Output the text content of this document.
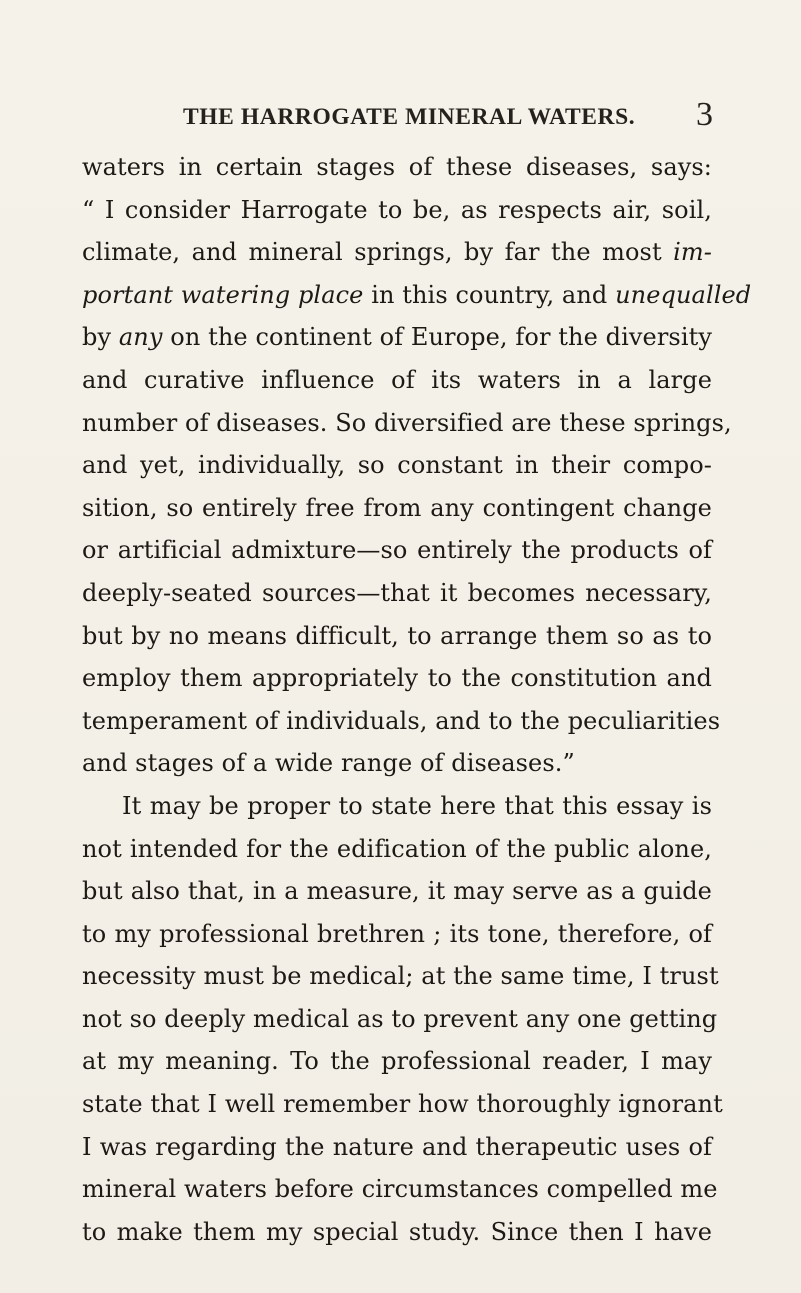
THE HARROGATE MINERAL WATERS. 3
waters in certain stages of these diseases, says:
“ I consider Harrogate to be, as respects air, soil,
climate, and mineral springs, by far the most im-
portant watering place in this country, and unequalled
by any on the continent of Europe, for the diversity
and curative influence of its waters in a large
number of diseases. So diversified are these springs,
and yet, individually, so constant in their compo-
sition, so entirely free from any contingent change
or artificial admixture—so entirely the products of
deeply-seated sources—that it becomes necessary,
but by no means difficult, to arrange them so as to
employ them appropriately to the constitution and
temperament of individuals, and to the peculiarities
and stages of a wide range of diseases.”
It may be proper to state here that this essay is
not intended for the edification of the public alone,
but also that, in a measure, it may serve as a guide
to my professional brethren ; its tone, therefore, of
necessity must be medical; at the same time, I trust
not so deeply medical as to prevent any one getting
at my meaning. To the professional reader, I may
state that I well remember how thoroughly ignorant
I was regarding the nature and therapeutic uses of
mineral waters before circumstances compelled me
to make them my special study. Since then I have
